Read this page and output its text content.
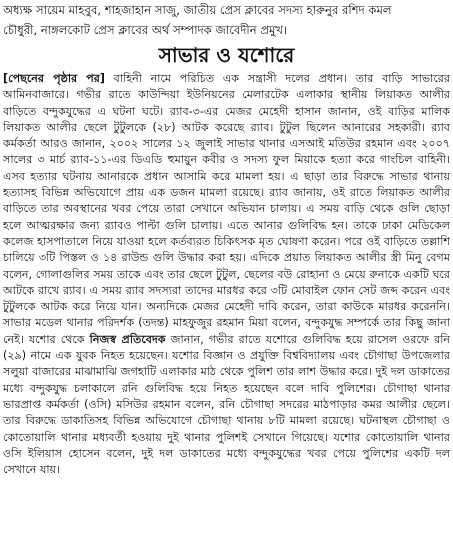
অধ্যক্ষ সায়েম মাহবুব, শাহজাহান সাজু, জাতীয় প্রেস ক্লাবের সদস্য হারুনুর রশিদ কমল

চৌধুরী, নাঙ্গলকোট প্রেস ক্লাবের অর্থ সম্পাদক জাবেদীন প্রমুখ।

সাভার ও যশোরে

[পেছনের পৃষ্ঠার পর] বাহিনী নামে পরিচিত এক সন্ত্রাসী দলের প্রধান। তার বাড়ি সাভারের আমিনবাজারে। গভীর রাতে কাউন্দিয়া ইউনিয়নের মেলারটেক এলাকার স্থানীয় লিয়াকত আলীর বাড়িতে বন্দুকযুদ্ধের এ ঘটনা ঘটে। র‌্যাব-৩-এর মেজর মেহেদী হাসান জানান, ওই বাড়ির মালিক লিয়াকত আলীর ছেলে টুটুলকে (২৮) আটক করেছে র‌্যাব। টুটুল ছিলেন আনারের সহকারী। র‌্যাব কর্মকর্তা আরও জানান, ২০০২ সালের ১২ জুলাই সাভার থানার এসআই মতিউর রহমান এবং ২০০৭ সালের ৩ মার্চ র‌্যাব-১১-এর ডিএডি হুমায়ুন কবীর ও সদস্য ফুল মিয়াকে হত্যা করে গাংচিল বাহিনী। এসব হত্যার ঘটনায় আনারকে প্রধান আসামি করে মামলা হয়। এ ছাড়া তার বিরুদ্ধে সাভার থানায় হত্যাসহ বিভিন্ন অভিযোগে প্রায় এক ডজন মামলা রয়েছে। র‌্যাব জানায়, ওই রাতে লিয়াকত আলীর বাড়িতে তার অবস্থানের খবর পেয়ে তারা সেখানে অভিযান চালায়। এ সময় বাড়ি থেকে গুলি ছোড়া হলে আত্মরক্ষার জন্য র‌্যাবও পাল্টা গুলি চালায়। এতে আনার গুলিবিদ্ধ হন। তাকে ঢাকা মেডিকেল কলেজ হাসপাতালে নিয়ে যাওয়া হলে কর্তব্যরত চিকিৎসক মৃত ঘোষণা করেন। পরে ওই বাড়িতে তল্লাশি চালিয়ে ৩টি পিস্তল ও ১৪ রাউন্ড গুলি উদ্ধার করা হয়। এদিকে প্রয়াত লিয়াকত আলীর স্ত্রী মিনু বেগম বলেন, গোলাগুলির সময় তাকে এবং তার ছেলে টুটুল, ছেলের বউ রোহানা ও মেয়ে রুনাকে একটি ঘরে আটকে রাখে র‌্যাব। এ সময় র‌্যাব সদস্যরা তাদের মারধর করে ৩টি মোবাইল ফোন সেট জব্দ করেন এবং টুটুলকে আটক করে নিয়ে যান। অন্যদিকে মেজর মেহেদী দাবি করেন, তারা কাউকে মারধর করেননি। সাভার মডেল থানার পরিদর্শক (তদন্ত) মাহফুজুর রহমান মিয়া বলেন, বন্দুকযুদ্ধ সম্পর্কে তার কিছু জানা নেই। যশোর থেকে নিজস্ব প্রতিবেদক জানান, গভীর রাতে যশোরে গুলিবিদ্ধ হয়ে রাসেল ওরফে রনি (২৯) নামে এক যুবক নিহত হয়েছেন। যশোর বিজ্ঞান ও প্রযুক্তি বিশ্ববিদ্যালয় এবং চৌগাছা উপজেলার সলুয়া বাজারের মাঝামাঝি জগহাটি এলাকার মাঠ থেকে পুলিশ তার লাশ উদ্ধার করে। দুই দল ডাকাতের মধ্যে বন্দুকযুদ্ধ চলাকালে রনি গুলিবিদ্ধ হয়ে নিহত হয়েছেন বলে দাবি পুলিশের। চৌগাছা থানার ভারপ্রাপ্ত কর্মকর্তা (ওসি) মসিউর রহমান বলেন, রনি চৌগাছা সদরের মাঠপাড়ার কমর আলীর ছেলে। তার বিরুদ্ধে ডাকাতিসহ বিভিন্ন অভিযোগে চৌগাছা থানায় ৮টি মামলা রয়েছে। ঘটনাস্থল চৌগাছা ও কোতোয়ালি থানার মধ্যবর্তী হওয়ায় দুই থানার পুলিশই সেখানে গিয়েছে। যশোর কোতোয়ালি থানার ওসি ইলিয়াস হোসেন বলেন, দুই দল ডাকাতের মধ্যে বন্দুকযুদ্ধের খবর পেয়ে পুলিশের একটি দল সেখানে যায়।
